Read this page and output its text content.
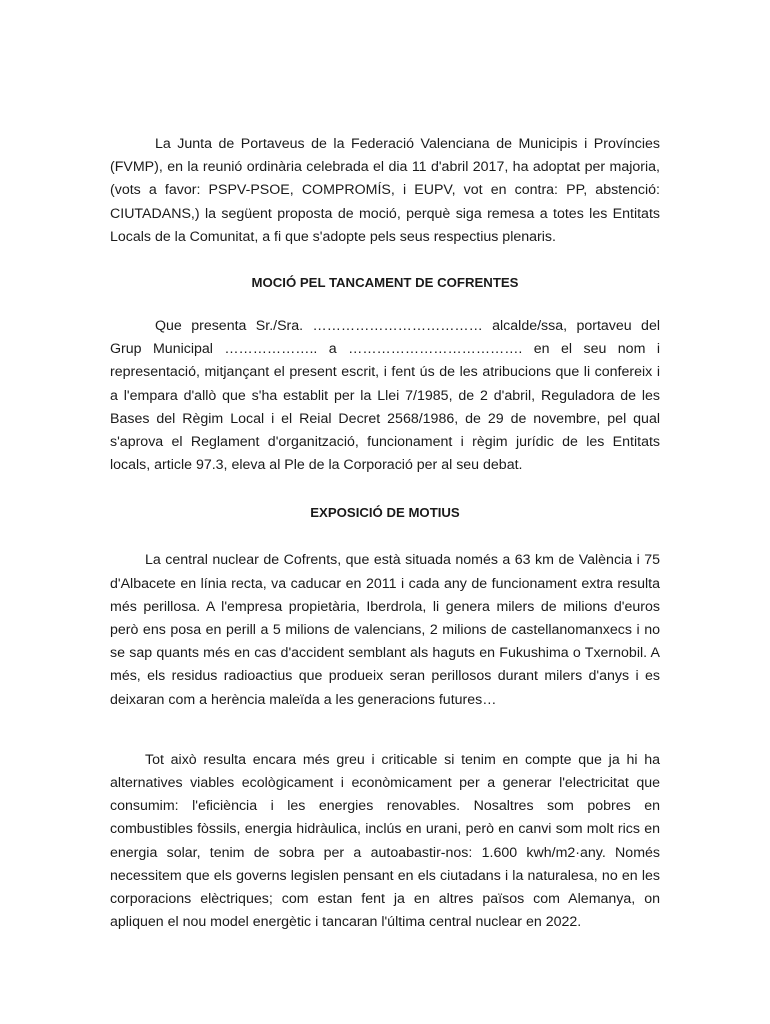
La Junta de Portaveus de la Federació Valenciana de Municipis i Províncies (FVMP), en la reunió ordinària celebrada el dia 11 d'abril 2017, ha adoptat per majoria, (vots a favor: PSPV-PSOE, COMPROMÍS, i EUPV, vot en contra: PP, abstenció: CIUTADANS,) la següent proposta de moció, perquè siga remesa a totes les Entitats Locals de la Comunitat, a fi que s'adopte pels seus respectius plenaris.

MOCIÓ PEL TANCAMENT DE COFRENTES

Que presenta Sr./Sra. ……………………………… alcalde/ssa, portaveu del Grup Municipal ……………….. a ………………………………. en el seu nom i representació, mitjançant el present escrit, i fent ús de les atribucions que li confereix i a l'empara d'allò que s'ha establit per la Llei 7/1985, de 2 d'abril, Reguladora de les Bases del Règim Local i el Reial Decret 2568/1986, de 29 de novembre, pel qual s'aprova el Reglament d'organització, funcionament i règim jurídic de les Entitats locals, article 97.3, eleva al Ple de la Corporació per al seu debat.

EXPOSICIÓ DE MOTIUS

La central nuclear de Cofrents, que està situada només a 63 km de València i 75 d'Albacete en línia recta, va caducar en 2011 i cada any de funcionament extra resulta més perillosa. A l'empresa propietària, Iberdrola, li genera milers de milions d'euros però ens posa en perill a 5 milions de valencians, 2 milions de castellanomanxecs i no se sap quants més en cas d'accident semblant als haguts en Fukushima o Txernobil. A més, els residus radioactius que produeix seran perillosos durant milers d'anys i es deixaran com a herència maleïda a les generacions futures…

Tot això resulta encara més greu i criticable si tenim en compte que ja hi ha alternatives viables ecològicament i econòmicament per a generar l'electricitat que consumim: l'eficiència i les energies renovables. Nosaltres som pobres en combustibles fòssils, energia hidràulica, inclús en urani, però en canvi som molt rics en energia solar, tenim de sobra per a autoabastir-nos: 1.600 kwh/m2·any. Només necessitem que els governs legislen pensant en els ciutadans i la naturalesa, no en les corporacions elèctriques; com estan fent ja en altres països com Alemanya, on apliquen el nou model energètic i tancaran l'última central nuclear en 2022.
